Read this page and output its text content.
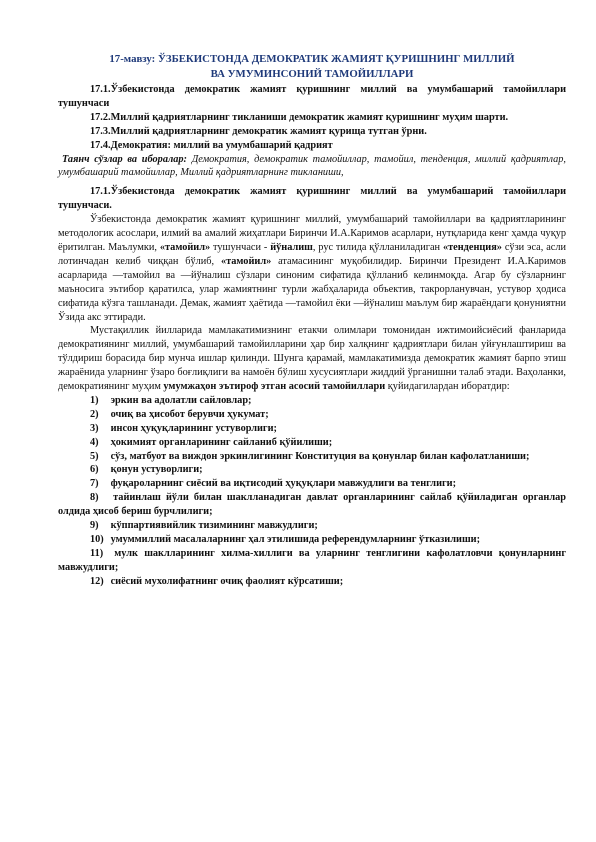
17-мавзу: ЎЗБЕКИСТОНДА ДЕМОКРАТИК ЖАМИЯТ ҚУРИШНИНГ МИЛЛИЙ
ВА УМУМИНСОНИЙ ТАМОЙИЛЛАРИ

17.1.Ўзбекистонда демократик жамият қуришнинг миллий ва умумбашарий тамойиллари тушунчаси

17.2.Миллий қадриятларнинг тикланиши демократик жамият қуришнинг муҳим шарти.

17.3.Миллий қадриятларнинг демократик жамият қурища тутган ўрни.

17.4.Демократия: миллий ва умумбашарий қадрият

Таянч сўзлар ва иборалар: Демократия, демократик тамойиллар, тамойил, тенденция, миллий қадриятлар, умумбашарий тамойиллар, Миллий қадриятларнинг тикланиши,

17.1.Ўзбекистонда демократик жамият қуришнинг миллий ва умумбашарий тамойиллари тушунчаси.

Ўзбекистонда демократик жамият қуришнинг миллий, умумбашарий тамойиллари ва қадриятларининг методологик асослари, илмий ва амалий жиҳатлари Биринчи И.А.Каримов асарлари, нутқларида кенг ҳамда чуқур ёритилган. Маълумки, «тамойил» тушунчаси - йўналиш, рус тилида қўлланиладиган «тенденция» сўзи эса, асли лотинчадан келиб чиққан бўлиб, «тамойил» атамасининг муқобилидир. Биринчи Президент И.А.Каримов асарларида ―тамойил ва ―йўналиш сўзлари синоним сифатида қўлланиб келинмоқда. Агар бу сўзларнинг маъносига эътибор қаратилса, улар жамиятнинг турли жабҳаларида объектив, такрорланувчан, устувор ҳодиса сифатида кўзга ташланади. Демак, жамият ҳаётида ―тамойил ёки ―йўналиш маълум бир жараёндаги қонуниятни Ўзида акс эттиради.

Мустақиллик йилларида мамлакатимизнинг етакчи олимлари томонидан ижтимоийсиёсий фанларида демократиянинг миллий, умумбашарий тамойилларини ҳар бир халқнинг қадриятлари билан уйғунлаштириш ва тўлдириш борасида бир мунча ишлар қилинди. Шунга қарамай, мамлакатимизда демократик жамият барпо этиш жараёнида уларнинг ўзаро боғлиқлиги ва намоён бўлиш хусусиятлари жиддий ўрганишни талаб этади. Ваҳоланки, демократиянинг муҳим умумжаҳон эътироф этган асосий тамойиллари қуйидагилардан иборатдир:

1) эркин ва адолатли сайловлар;

2) очиқ ва ҳисобот берувчи ҳукумат;

3) инсон ҳуқуқларининг устуворлиги;

4) ҳокимият органларининг сайланиб қўйилиши;

5) сўз, матбуот ва виждон эркинлигининг Конституция ва қонунлар билан кафолатланиши;

6) қонун устуворлиги;

7) фуқароларнинг сиёсий ва иқтисодий ҳуқуқлари мавжудлиги ва тенглиги;

8) тайинлаш йўли билан шаклланадиган давлат органларининг сайлаб қўйиладиган органлар олдида ҳисоб бериш бурчлилиги;

9) кўппартиявийлик тизимининг мавжудлиги;

10) умуммиллий масалаларнинг ҳал этилишида референдумларнинг ўтказилиши;

11) мулк шаклларининг хилма-хиллиги ва уларнинг тенглигини кафолатловчи қонунларнинг мавжудлиги;

12) сиёсий мухолифатнинг очиқ фаолият кўрсатиши;
